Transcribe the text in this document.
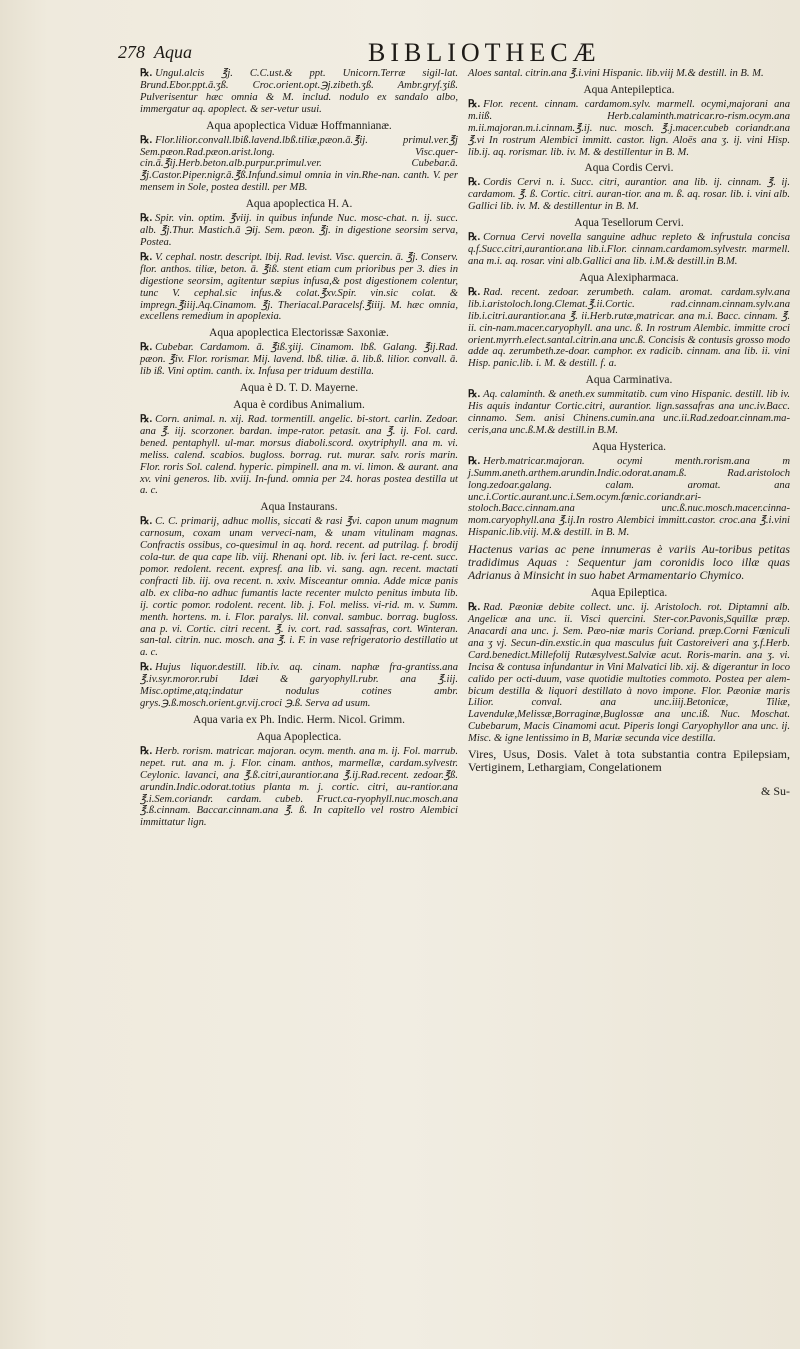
278 Aqua	BIBLIOTHECÆ

℞. Ungul.alcis ℥j. C.C.ust.& ppt. Unicorn.Terræ sigil-lat. Brund.Ebor.ppt.ā.ʒß. Croc.orient.opt.℈j.zibeth.ʒß. Ambr.gryf.ʒiß. Pulverisentur hæc omnia & M. includ. nodulo ex sandalo albo, immergatur aq. apoplect. & ser-vetur usui.

Aqua apoplectica Viduæ Hoffmannianæ.

℞. Flor.lilior.convall.lbiß.lavend.lbß.tiliæ,pæon.ā.℥ij. primul.ver.℥j Sem.pæon.Rad.pæon.arist.long. Visc.quer-cin.ā.℥ij.Herb.beton.alb.purpur.primul.ver. Cubebar.ā. ℥j.Castor.Piper.nigr.ā.℥ß.Infund.simul omnia in vin.Rhe-nan. canth. V. per mensem in Sole, postea destill. per MB.

Aqua apoplectica H. A.

℞. Spir. vin. optim. ℥viij. in quibus infunde Nuc. mosc-chat. n. ij. succ. alb. ℥j.Thur. Mastich.ā ℈ij. Sem. pæon. ℥j. in digestione seorsim serva, Postea.

℞. V. cephal. nostr. descript. lbij. Rad. levist. Visc. quercin. ā. ℥j. Conserv. flor. anthos. tiliæ, beton. ā. ℥iß. stent etiam cum prioribus per 3. dies in digestione seorsim, agitentur sæpius infusa,& post digestionem colentur, tunc V. cephal.sic infus.& colat.℥xv.Spir. vin.sic colat. & impregn.℥iiij.Aq.Cinamom. ℥j. Theriacal.Paracelsf.℥iiij. M. hæc omnia, excellens remedium in apoplexia.

Aqua apoplectica Electorissæ Saxoniæ.

℞. Cubebar. Cardamom. ā. ℥iß.ʒiij. Cinamom. lbß. Galang. ℥ij.Rad. pæon. ℥iv. Flor. rorismar. Mij. lavend. lbß. tiliæ. ā. lib.ß. lilior. convall. ā. lib iß. Vini optim. canth. ix. Infusa per triduum destilla.

Aqua è D. T. D. Mayerne.
Aqua è cordibus Animalium.

℞. Corn. animal. n. xij. Rad. tormentill. angelic. bi-stort. carlin. Zedoar. ana ℥. iij. scorzoner. bardan. impe-rator. petasit. ana ℥. ij. Fol. card. bened. pentaphyll. ul-mar. morsus diaboli.scord. oxytriphyll. ana m. vi. meliss. calend. scabios. bugloss. borrag. rut. murar. salv. roris marin. Flor. roris Sol. calend. hyperic. pimpinell. ana m. vi. limon. & aurant. ana xv. vini generos. lib. xviij. In-fund. omnia per 24. horas postea destilla ut a. c.

Aqua Instaurans.

℞. C. C. primarij, adhuc mollis, siccati & rasi ℥vi. capon unum magnum carnosum, coxam unam verveci-nam, & unam vitulinam magnas. Confractis ossibus, co-quesimul in aq. hord. recent. ad putrilag. f. brodij cola-tur. de qua cape lib. viij. Rhenani opt. lib. iv. feri lact. re-cent. succ. pomor. redolent. recent. expresf. ana lib. vi. sang. agn. recent. mactati confracti lib. iij. ova recent. n. xxiv. Misceantur omnia. Adde micæ panis alb. ex cliba-no adhuc fumantis lacte recenter mulcto penitus imbuta lib. ij. cortic pomor. rodolent. recent. lib. j. Fol. meliss. vi-rid. m. v. Summ. menth. hortens. m. i. Flor. paralys. lil. conval. sambuc. borrag. bugloss. ana p. vi. Cortic. citri recent. ℥. iv. cort. rad. sassafras, cort. Winteran. san-tal. citrin. nuc. mosch. ana ℥. i. F. in vase refrigeratorio destillatio ut a. c.

℞. Hujus liquor.destill. lib.iv. aq. cinam. naphæ fra-grantiss.ana ℥.iv.syr.moror.rubi Idæi & garyophyll.rubr. ana ℥.iij. Misc.optime,atq;indatur nodulus cotines ambr. grys.℈.ß.mosch.orient.gr.vij.croci ℈.ß. Serva ad usum.

Aqua varia ex Ph. Indic. Herm. Nicol. Grimm.
Aqua Apoplectica.

℞. Herb. rorism. matricar. majoran. ocym. menth. ana m. ij. Fol. marrub. nepet. rut. ana m. j. Flor. cinam. anthos, marmellæ, cardam.sylvestr. Ceylonic. lavanci, ana ℥.ß.citri,aurantior.ana ℥.ij.Rad.recent. zedoar.℥ß. arundin.Indic.odorat.totius planta m. j. cortic. citri, au-rantior.ana ℥.i.Sem.coriandr. cardam. cubeb. Fruct.ca-ryophyll.nuc.mosch.ana ℥.ß.cinnam. Baccar.cinnam.ana ℥. ß. In capitello vel rostro Alembici immittatur lign.

Aloes santal. citrin.ana ℥.i.vini Hispanic. lib.viij M.& destill. in B. M.

Aqua Antepileptica.

℞. Flor. recent. cinnam. cardamom.sylv. marmell. ocymi,majorani ana m.iiß. Herb.calaminth.matricar.ro-rism.ocym.ana m.ii.majoran.m.i.cinnam.℥.ij. nuc. mosch. ℥.j.macer.cubeb coriandr.ana ℥.vi In rostrum Alembici immitt. castor. lign. Aloës ana ʒ. ij. vini Hisp. lib.ij. aq. rorismar. lib. iv. M. & destillentur in B. M.

Aqua Cordis Cervi.

℞. Cordis Cervi n. i. Succ. citri, aurantior. ana lib. ij. cinnam. ℥. ij. cardamom. ℥. ß. Cortic. citri. auran-tior. ana m. ß. aq. rosar. lib. i. vini alb. Gallici lib. iv. M. & destillentur in B. M.

Aqua Tesellorum Cervi.

℞. Cornua Cervi novella sanguine adhuc repleto & infrustula concisa q.f.Succ.citri,aurantior.ana lib.i.Flor. cinnam.cardamom.sylvestr. marmell. ana m.i. aq. rosar. vini alb.Gallici ana lib. i.M.& destill.in B.M.

Aqua Alexipharmaca.

℞. Rad. recent. zedoar. zerumbeth. calam. aromat. cardam.sylv.ana lib.i.aristoloch.long.Clemat.℥.ii.Cortic. rad.cinnam.cinnam.sylv.ana lib.i.citri.aurantior.ana ℥. ii.Herb.rutæ,matricar. ana m.i. Bacc. cinnam. ℥. ii. cin-nam.macer.caryophyll. ana unc. ß. In rostrum Alembic. immitte croci orient.myrrh.elect.santal.citrin.ana unc.ß. Concisis & contusis grosso modo adde aq. zerumbeth.ze-doar. camphor. ex radicib. cinnam. ana lib. ii. vini Hisp. panic.lib. i. M. & destill. f. a.

Aqua Carminativa.

℞. Aq. calaminth. & aneth.ex summitatib. cum vino Hispanic. destill. lib iv. His aquis indantur Cortic.citri, aurantior. lign.sassafras ana unc.iv.Bacc. cinnamo. Sem. anisi Chinens.cumin.ana unc.ii.Rad.zedoar.cinnam.ma-ceris,ana unc.ß.M.& destill.in B.M.

Aqua Hysterica.

℞. Herb.matricar.majoran. ocymi menth.rorism.ana m j.Summ.aneth.arthem.arundin.Indic.odorat.anam.ß. Rad.aristoloch long.zedoar.galang. calam. aromat. ana unc.i.Cortic.aurant.unc.i.Sem.ocym.fœnic.coriandr.ari-stoloch.Bacc.cinnam.ana unc.ß.nuc.mosch.macer.cinna-mom.caryophyll.ana ℥.ij.In rostro Alembici immitt.castor. croc.ana ℥.i.vini Hispanic.lib.viij. M.& destill. in B. M.

Hactenus varias ac pene innumeras è variis Au-toribus petitas tradidimus Aquas : Sequentur jam coronidis loco illæ quas Adrianus à Minsicht in suo habet Armamentario Chymico.

Aqua Epileptica.

℞. Rad. Pæoniæ debite collect. unc. ij. Aristoloch. rot. Diptamni alb. Angelicæ ana unc. ii. Visci quercini. Ster-cor.Pavonis,Squillæ præp. Anacardi ana unc. j. Sem. Pæo-niæ maris Coriand. præp.Corni Fœniculi ana ʒ vj. Secun-din.exstic.in qua masculus fuit Castoreiveri ana ʒ.f.Herb. Card.benedict.Millefolij Rutæsylvest.Salviæ acut. Roris-marin. ana ʒ. vi. Incisa & contusa infundantur in Vini Malvatici lib. xij. & digerantur in loco calido per octi-duum, vase quotidie multoties commoto. Postea per alem-bicum destilla & liquori destillato à novo impone. Flor. Pæoniæ maris Lilior. conval. ana unc.iiij.Betonicæ, Tiliæ, Lavendulæ,Melissæ,Borraginæ,Buglossæ ana unc.iß. Nuc. Moschat. Cubebarum, Macis Cinamomi acut. Piperis longi Caryophyllor ana unc. ij. Misc. & igne lentissimo in B, Mariæ secunda vice destilla.

Vires, Usus, Dosis. Valet à tota substantia contra Epilepsiam, Vertiginem, Lethargiam, Congelationem

& Su-
